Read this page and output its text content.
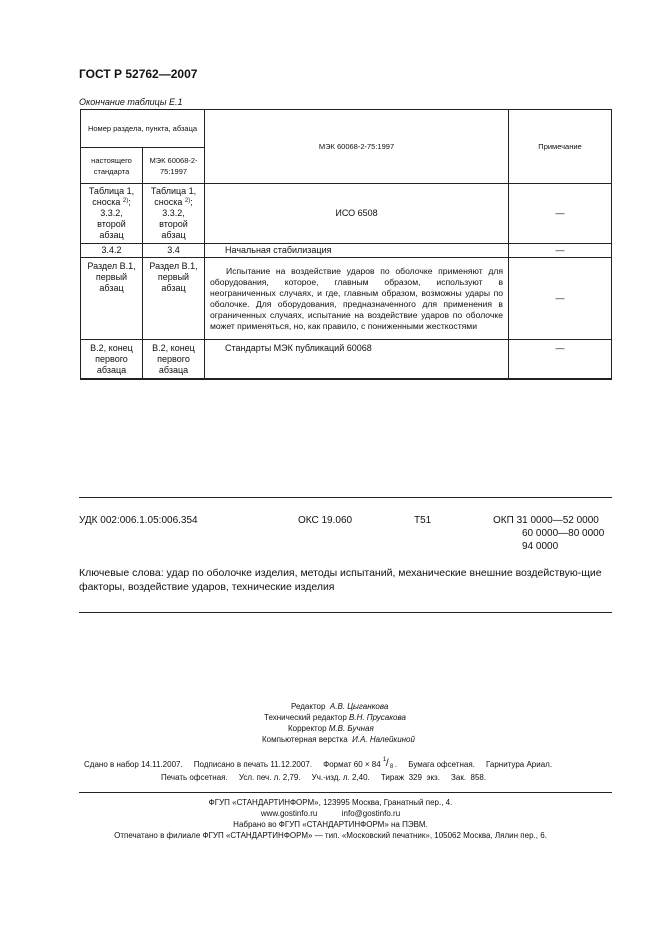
ГОСТ Р 52762—2007
Окончание таблицы Е.1
Номер раздела, пункта, абзаца		МЭК 60068-2-75:1997	Примечание
настоящего стандарта	МЭК 60068-2-75:1997		
Таблица 1,
сноска $^{2)}$;
3.3.2,
второй
абзац	Таблица 1,
сноска $^{2)}$;
3.3.2,
второй
абзац	ИСО 6508	—
3.4.2	3.4	Начальная стабилизация	—
Раздел В.1, первый абзац	Раздел В.1, первый абзац	Испытание на воздействие ударов по оболочке применяют для оборудования, которое, главным образом, используют в неограниченных случаях, и где, главным образом, возможны удары по оболочке. Для оборудования, предназначенного для применения в ограниченных случаях, испытание на воздействие ударов по оболочке может применяться, но, как правило, с пониженными жесткостями	—
В.2, конец первого абзаца	В.2, конец первого абзаца	Стандарты МЭК публикаций 60068	—
УДК 002:006.1.05:006.354	ОКС 19.060	Т51	ОКП 31 0000—52 0000
60 0000—80 0000
94 0000
Ключевые слова: удар по оболочке изделия, методы испытаний, механические внешние воздействую-щие факторы, воздействие ударов, технические изделия
Редактор А.В. Цыганкова
Технический редактор В.Н. Прусакова
Корректор М.В. Бучная
Компьютерная верстка И.А. Налейкиной
Сдано в набор 14.11.2007.     Подписано в печать 11.12.2007.     Формат 60 × 84
1 / 8 .     Бумага офсетная.     Гарнитура Ариал.
Печать офсетная.     Усл. печ. л. 2,79.     Уч.-изд. л. 2,40.     Тираж  329  экз.     Зак.  858.
ФГУП «СТАНДАРТИНФОРМ», 123995 Москва, Гранатный пер., 4.
www.gostinfo.ru	info@gostinfo.ru
Набрано во ФГУП «СТАНДАРТИНФОРМ» на ПЭВМ.
Отпечатано в филиале ФГУП «СТАНДАРТИНФОРМ» — тип. «Московский печатник», 105062 Москва, Лялин пер., 6.
